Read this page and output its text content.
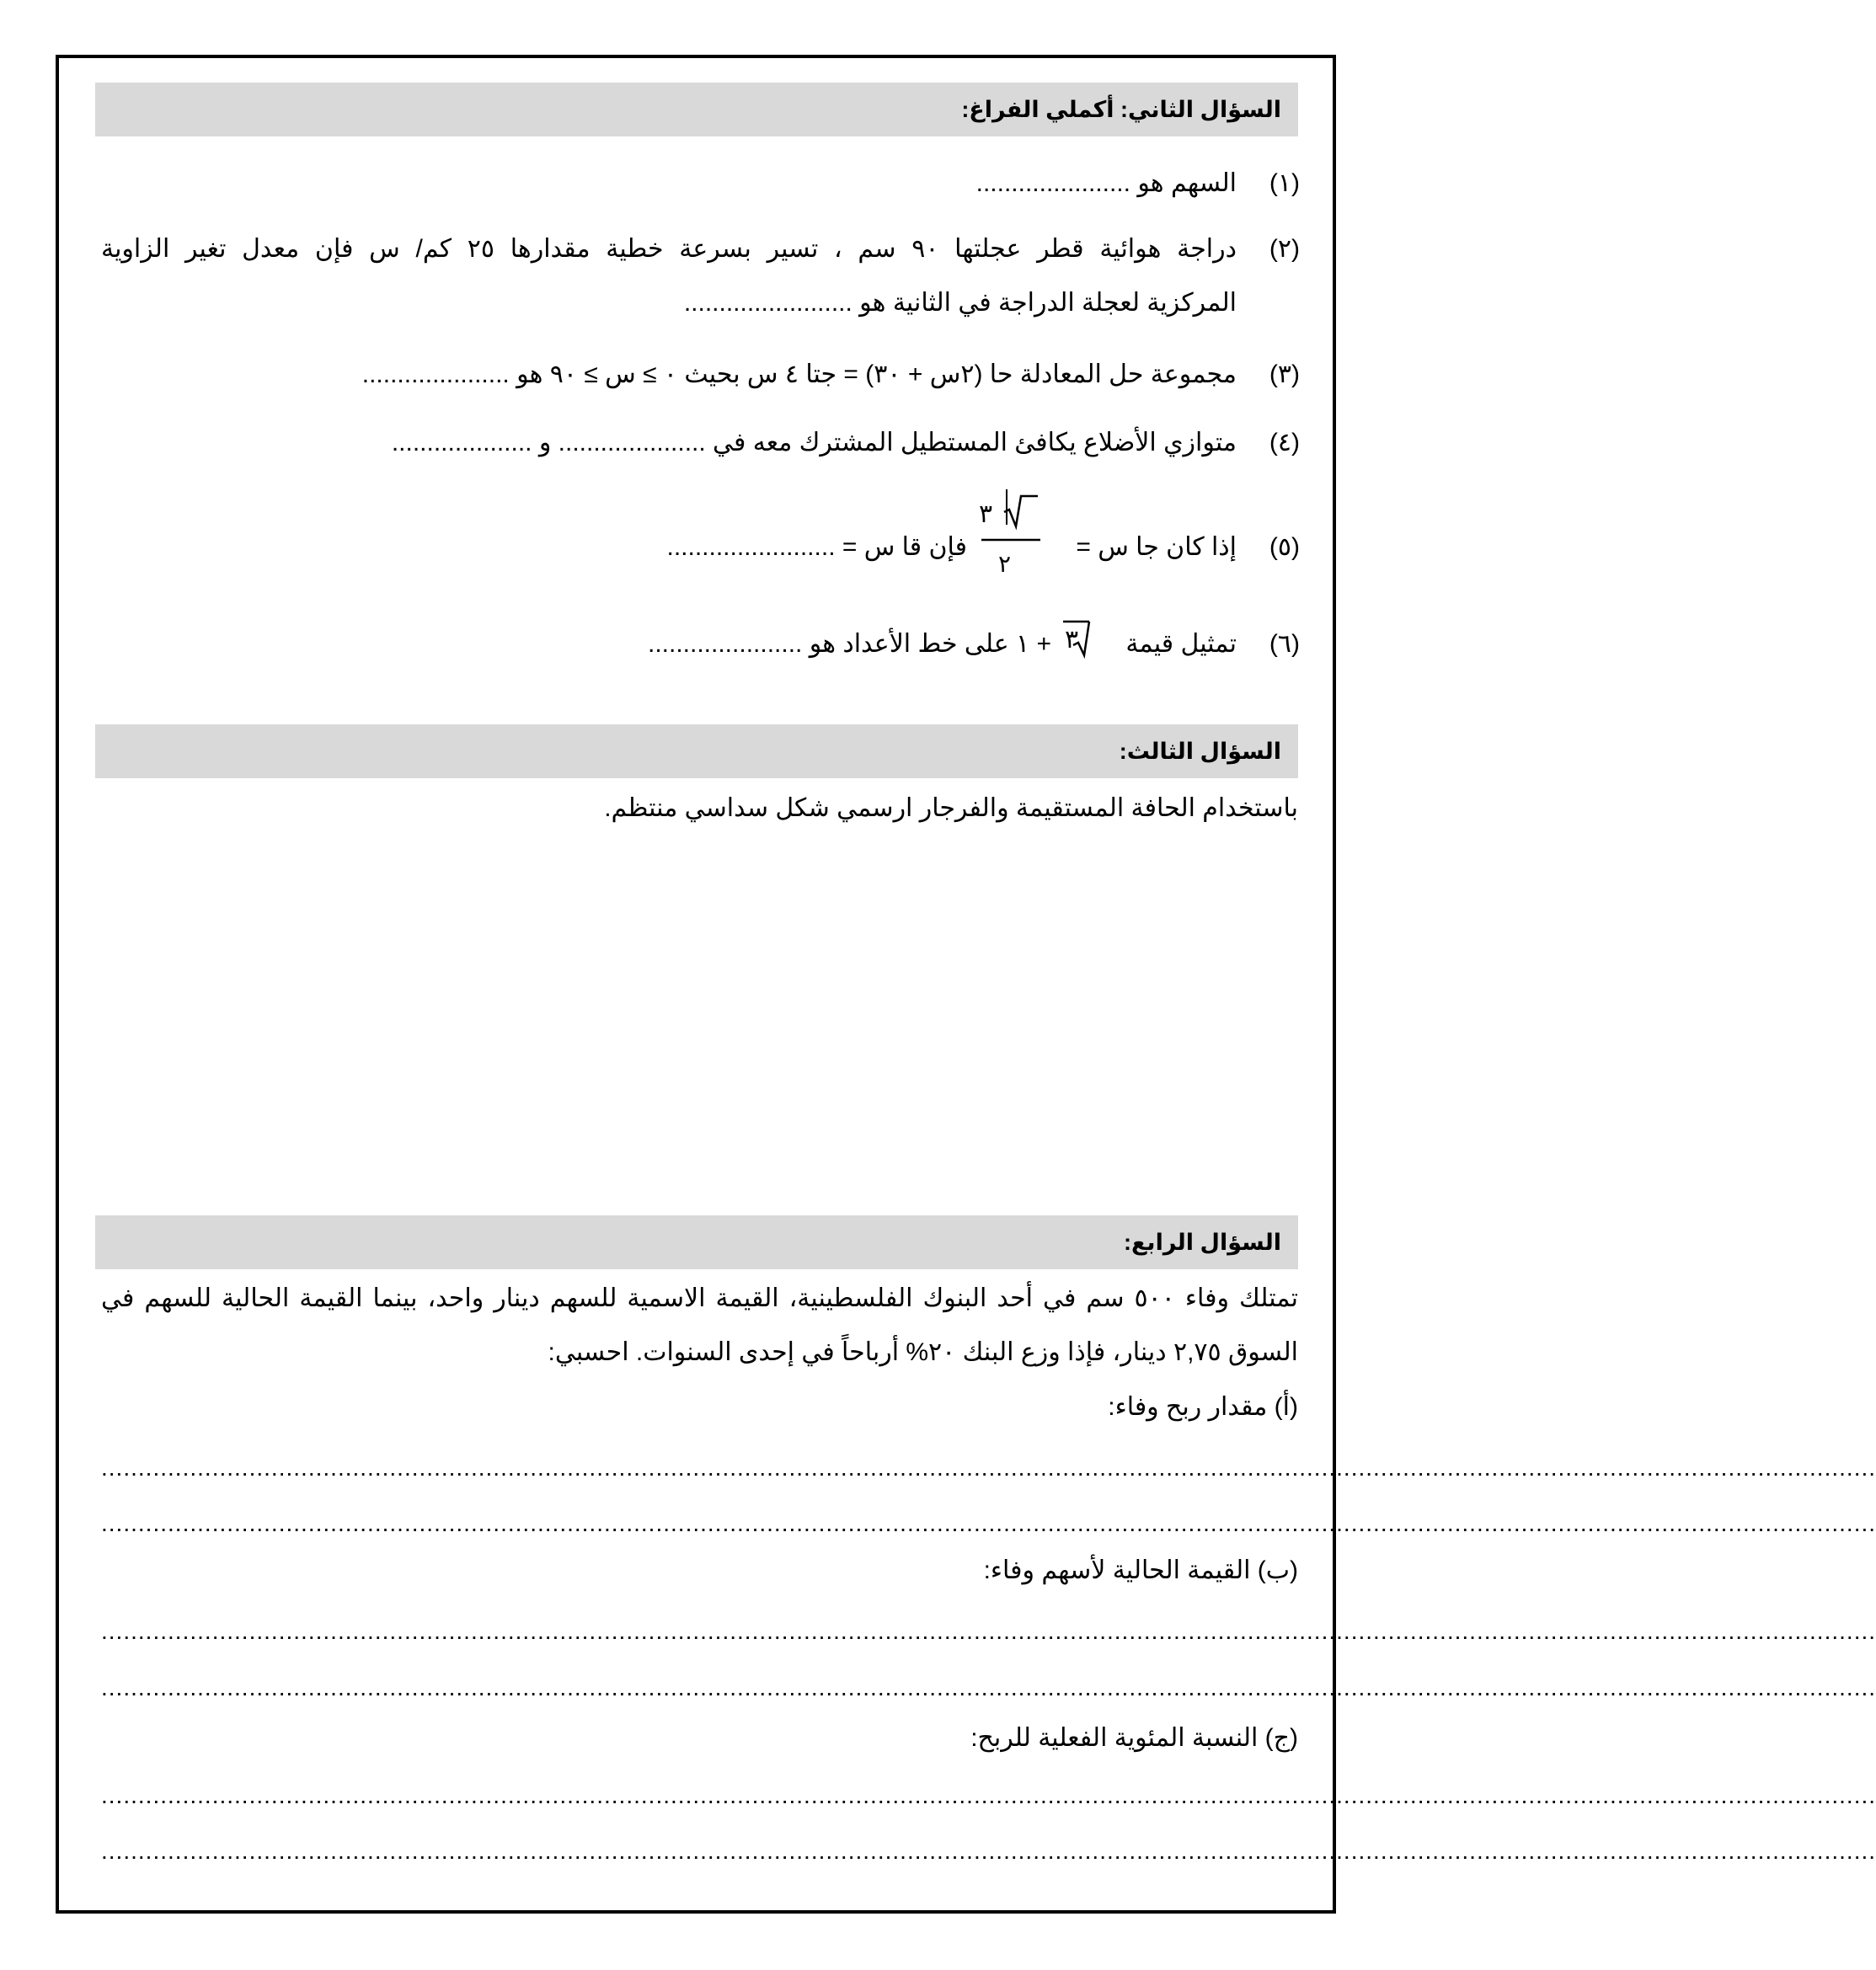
السؤال الثاني: أكملي الفراغ:
(١)
السهم هو ......................
(٢)
دراجة هوائية قطر عجلتها ٩٠ سم ، تسير بسرعة خطية مقدارها ٢٥ كم/ س فإن معدل تغير الزاوية
المركزية لعجلة الدراجة في الثانية هو ........................
(٣)
مجموعة حل المعادلة حا (٢س + ٣٠) = جتا ٤ س بحيث ٠ ≥ س ≥ ٩٠ هو .....................
(٤)
متوازي الأضلاع يكافئ المستطيل المشترك معه في ..................... و ....................
(٥)
إذا كان جا س =
٣
٢
فإن قا س = ........................
(٦)
تمثيل قيمة
٣
+ ١ على خط الأعداد هو ......................
السؤال الثالث:
باستخدام الحافة المستقيمة والفرجار ارسمي شكل سداسي منتظم.
السؤال الرابع:
تمتلك وفاء ٥٠٠ سم في أحد البنوك الفلسطينية، القيمة الاسمية للسهم دينار واحد، بينما القيمة الحالية للسهم في
السوق ٢,٧٥ دينار، فإذا وزع البنك ٢٠% أرباحاً في إحدى السنوات. احسبي:
(أ) مقدار ربح وفاء:
................................................................................................................................................................................................................................................
................................................................................................................................................................................................................................................
(ب) القيمة الحالية لأسهم وفاء:
................................................................................................................................................................................................................................................
................................................................................................................................................................................................................................................
(ج) النسبة المئوية الفعلية للربح:
................................................................................................................................................................................................................................................
................................................................................................................................................................................................................................................
